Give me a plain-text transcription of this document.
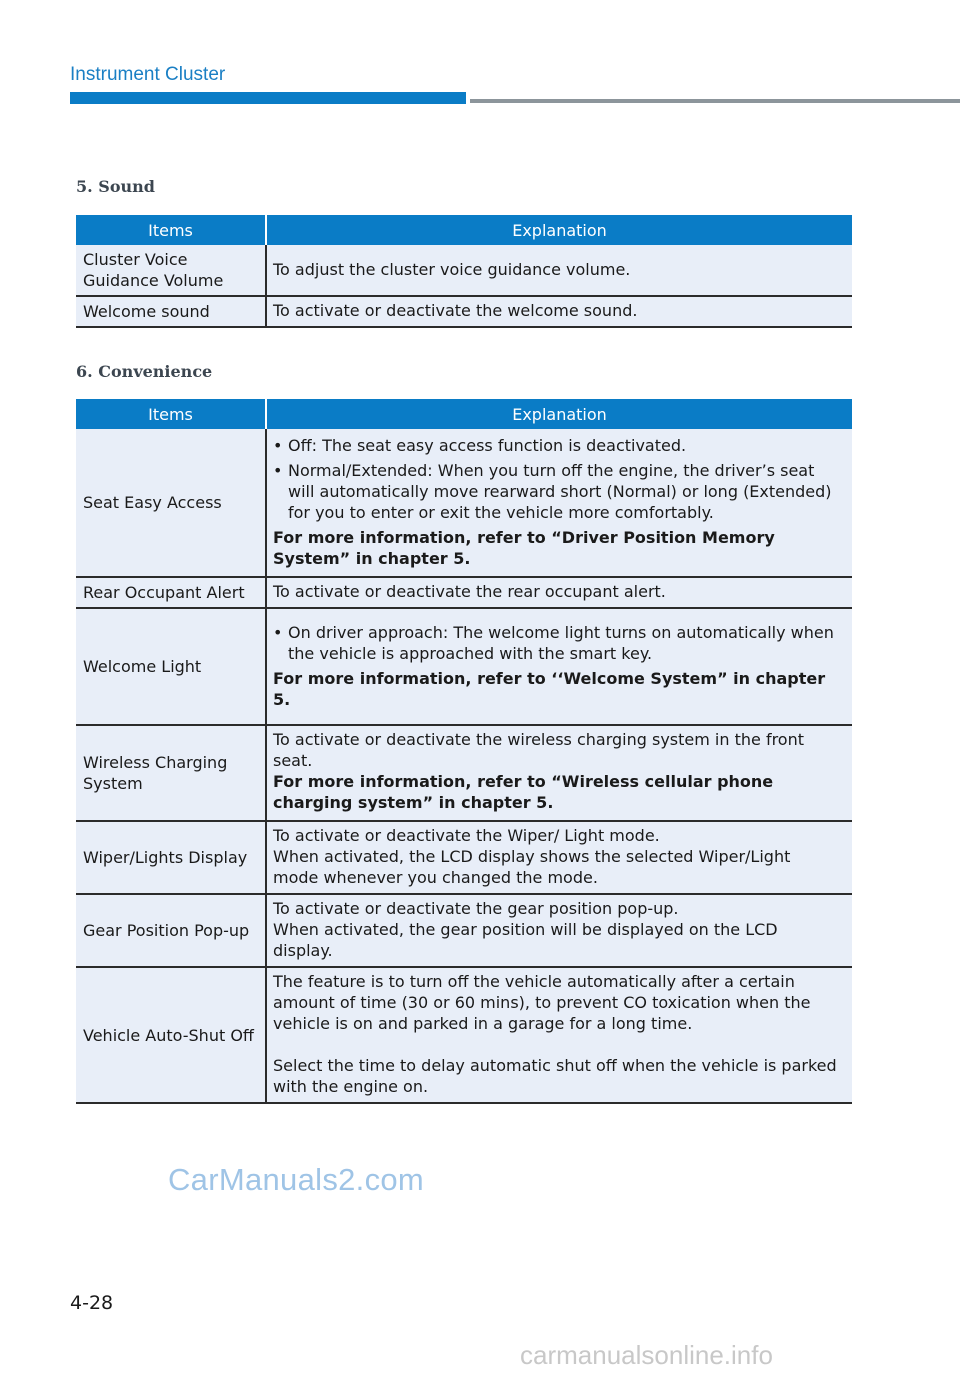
Instrument Cluster
5. Sound
Items	Explanation
Cluster Voice Guidance Volume	To adjust the cluster voice guidance volume.
Welcome sound	To activate or deactivate the welcome sound.
6. Convenience
Items	Explanation
Seat Easy Access	• Off: The seat easy access function is deactivated.
• Normal/Extended: When you turn off the engine, the driver’s seat will automatically move rearward short (Normal) or long (Extended) for you to enter or exit the vehicle more comfortably.
For more information, refer to “Driver Position Memory System” in chapter 5.

Rear Occupant Alert	To activate or deactivate the rear occupant alert.
Welcome Light	• On driver approach: The welcome light turns on automatically when the vehicle is approached with the smart key.
For more information, refer to ‘‘Welcome System” in chapter 5.

Wireless Charging System	To activate or deactivate the wireless charging system in the front seat.
For more information, refer to “Wireless cellular phone charging system” in chapter 5.

Wiper/Lights Display	To activate or deactivate the Wiper/ Light mode.
When activated, the LCD display shows the selected Wiper/Light mode whenever you changed the mode.

Gear Position Pop-up	To activate or deactivate the gear position pop-up.
When activated, the gear position will be displayed on the LCD display.

Vehicle Auto-Shut Off	The feature is to turn off the vehicle automatically after a certain amount of time (30 or 60 mins), to prevent CO toxication when the vehicle is on and parked in a garage for a long time.
Select the time to delay automatic shut off when the vehicle is parked with the engine on.
CarManuals2.com
4-28
carmanualsonline.info
